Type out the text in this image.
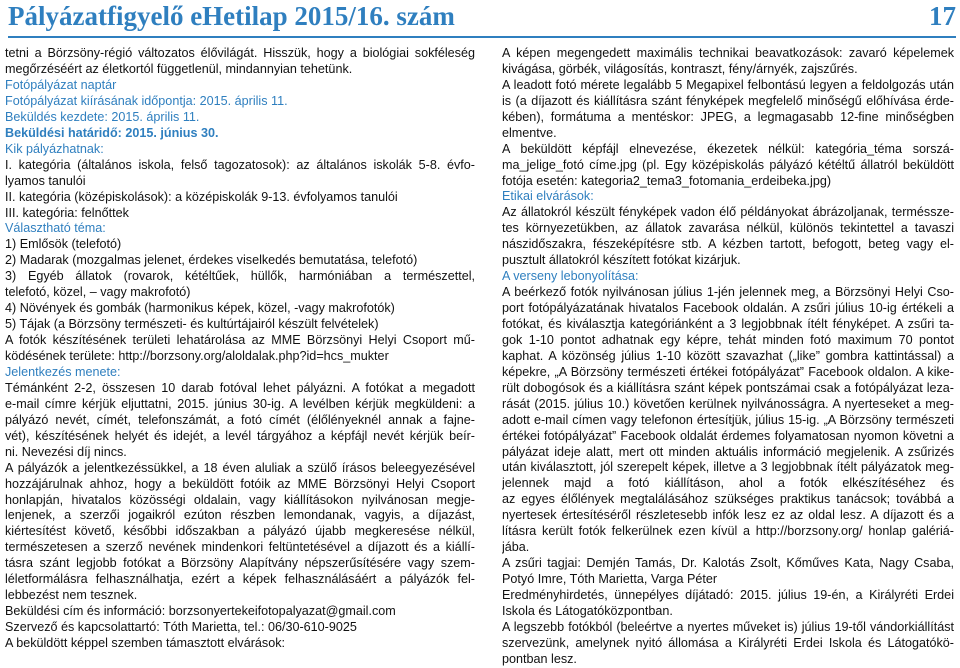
Pályázatfigyelő eHetilap 2015/16. szám	17
tetni a Börzsöny-régió változatos élővilágát. Hisszük, hogy a biológiai sokféleség
megőrzéséért az életkortól függetlenül, mindannyian tehetünk.
Fotópályázat naptár
Fotópályázat kiírásának időpontja: 2015. április 11.
Beküldés kezdete: 2015. április 11.
Beküldési határidő: 2015. június 30.
Kik pályázhatnak:
I. kategória (általános iskola, felső tagozatosok): az általános iskolák 5-8. évfo-
lyamos tanulói
II. kategória (középiskolások): a középiskolák 9-13. évfolyamos tanulói
III. kategória: felnőttek
Választható téma:
1) Emlősök (telefotó)
2) Madarak (mozgalmas jelenet, érdekes viselkedés bemutatása, telefotó)
3) Egyéb állatok (rovarok, kétéltűek, hüllők, harmóniában a természettel,
telefotó, közel, – vagy makrofotó)
4) Növények és gombák (harmonikus képek, közel, -vagy makrofotók)
5) Tájak (a Börzsöny természeti- és kultúrtájairól készült felvételek)
A fotók készítésének területi lehatárolása az MME Börzsönyi Helyi Csoport mű-
ködésének területe: http://borzsony.org/aloldalak.php?id=hcs_mukter
Jelentkezés menete:
Témánként 2-2, összesen 10 darab fotóval lehet pályázni. A fotókat a megadott
e-mail címre kérjük eljuttatni, 2015. június 30-ig. A levélben kérjük megküldeni: a
pályázó nevét, címét, telefonszámát, a fotó címét (élőlényeknél annak a fajne-
vét), készítésének helyét és idejét, a levél tárgyához a képfájl nevét kérjük beír-
ni. Nevezési díj nincs.
A pályázók a jelentkezéssükkel, a 18 éven aluliak a szülő írásos beleegyezésével
hozzájárulnak ahhoz, hogy a beküldött fotóik az MME Börzsönyi Helyi Csoport
honlapján, hivatalos közösségi oldalain, vagy kiállításokon nyilvánosan megje-
lenjenek, a szerzői jogaikról ezúton részben lemondanak, vagyis, a díjazást,
kiértesítést követő, későbbi időszakban a pályázó újabb megkeresése nélkül,
természetesen a szerző nevének mindenkori feltüntetésével a díjazott és a kiállí-
tásra szánt legjobb fotókat a Börzsöny Alapítvány népszerűsítésére vagy szem-
léletformálásra felhasználhatja, ezért a képek felhasználásáért a pályázók fel-
lebbezést nem tesznek.
Beküldési cím és információ: borzsonyertekeifotopalyazat@gmail.com
Szervező és kapcsolattartó: Tóth Marietta, tel.: 06/30-610-9025
A beküldött képpel szemben támasztott elvárások:
A képen megengedett maximális technikai beavatkozások: zavaró képelemek
kivágása, görbék, világosítás, kontraszt, fény/árnyék, zajszűrés.
A leadott fotó mérete legalább 5 Megapixel felbontású legyen a feldolgozás után
is (a díjazott és kiállításra szánt fényképek megfelelő minőségű előhívása érde-
kében), formátuma a mentéskor: JPEG, a legmagasabb 12-fine minőségben
elmentve.
A beküldött képfájl elnevezése, ékezetek nélkül: kategória_téma sorszá-
ma_jelige_fotó címe.jpg (pl. Egy középiskolás pályázó kétéltű állatról beküldött
fotója esetén: kategoria2_tema3_fotomania_erdeibeka.jpg)
Etikai elvárások:
Az állatokról készült fényképek vadon élő példányokat ábrázoljanak, terméssze-
tes környezetükben, az állatok zavarása nélkül, különös tekintettel a tavaszi
nászidőszakra, fészeképítésre stb. A kézben tartott, befogott, beteg vagy el-
pusztult állatokról készített fotókat kizárjuk.
A verseny lebonyolítása:
A beérkező fotók nyilvánosan július 1-jén jelennek meg, a Börzsönyi Helyi Cso-
port fotópályázatának hivatalos Facebook oldalán. A zsűri július 10-ig értékeli a
fotókat, és kiválasztja kategóriánként a 3 legjobbnak ítélt fényképet. A zsűri ta-
gok 1-10 pontot adhatnak egy képre, tehát minden fotó maximum 70 pontot
kaphat. A közönség július 1-10 között szavazhat („like” gombra kattintással) a
képekre, „A Börzsöny természeti értékei fotópályázat” Facebook oldalon. A kike-
rült dobogósok és a kiállításra szánt képek pontszámai csak a fotópályázat leza-
rását (2015. július 10.) követően kerülnek nyilvánosságra. A nyerteseket a meg-
adott e-mail címen vagy telefonon értesítjük, július 15-ig. „A Börzsöny természeti
értékei fotópályázat” Facebook oldalát érdemes folyamatosan nyomon követni a
pályázat ideje alatt, mert ott minden aktuális információ megjelenik. A zsűrizés
után kiválasztott, jól szerepelt képek, illetve a 3 legjobbnak ítélt pályázatok meg-
jelennek majd a fotó kiállításon, ahol a fotók elkészítéséhez és
az egyes élőlények megtalálásához szükséges praktikus tanácsok; továbbá a
nyertesek értesítéséről részletesebb infók lesz ez az oldal lesz. A díjazott és a
lításra került fotók felkerülnek ezen kívül a http://borzsony.org/ honlap galériá-
jába.
A zsűri tagjai: Demjén Tamás, Dr. Kalotás Zsolt, Kőműves Kata, Nagy Csaba,
Potyó Imre, Tóth Marietta, Varga Péter
Eredményhirdetés, ünnepélyes díjátadó: 2015. július 19-én, a Királyréti Erdei
Iskola és Látogatóközpontban.
A legszebb fotókból (beleértve a nyertes műveket is) július 19-től vándorkiállítást
szervezünk, amelynek nyitó állomása a Királyréti Erdei Iskola és Látogatókö-
pontban lesz.
